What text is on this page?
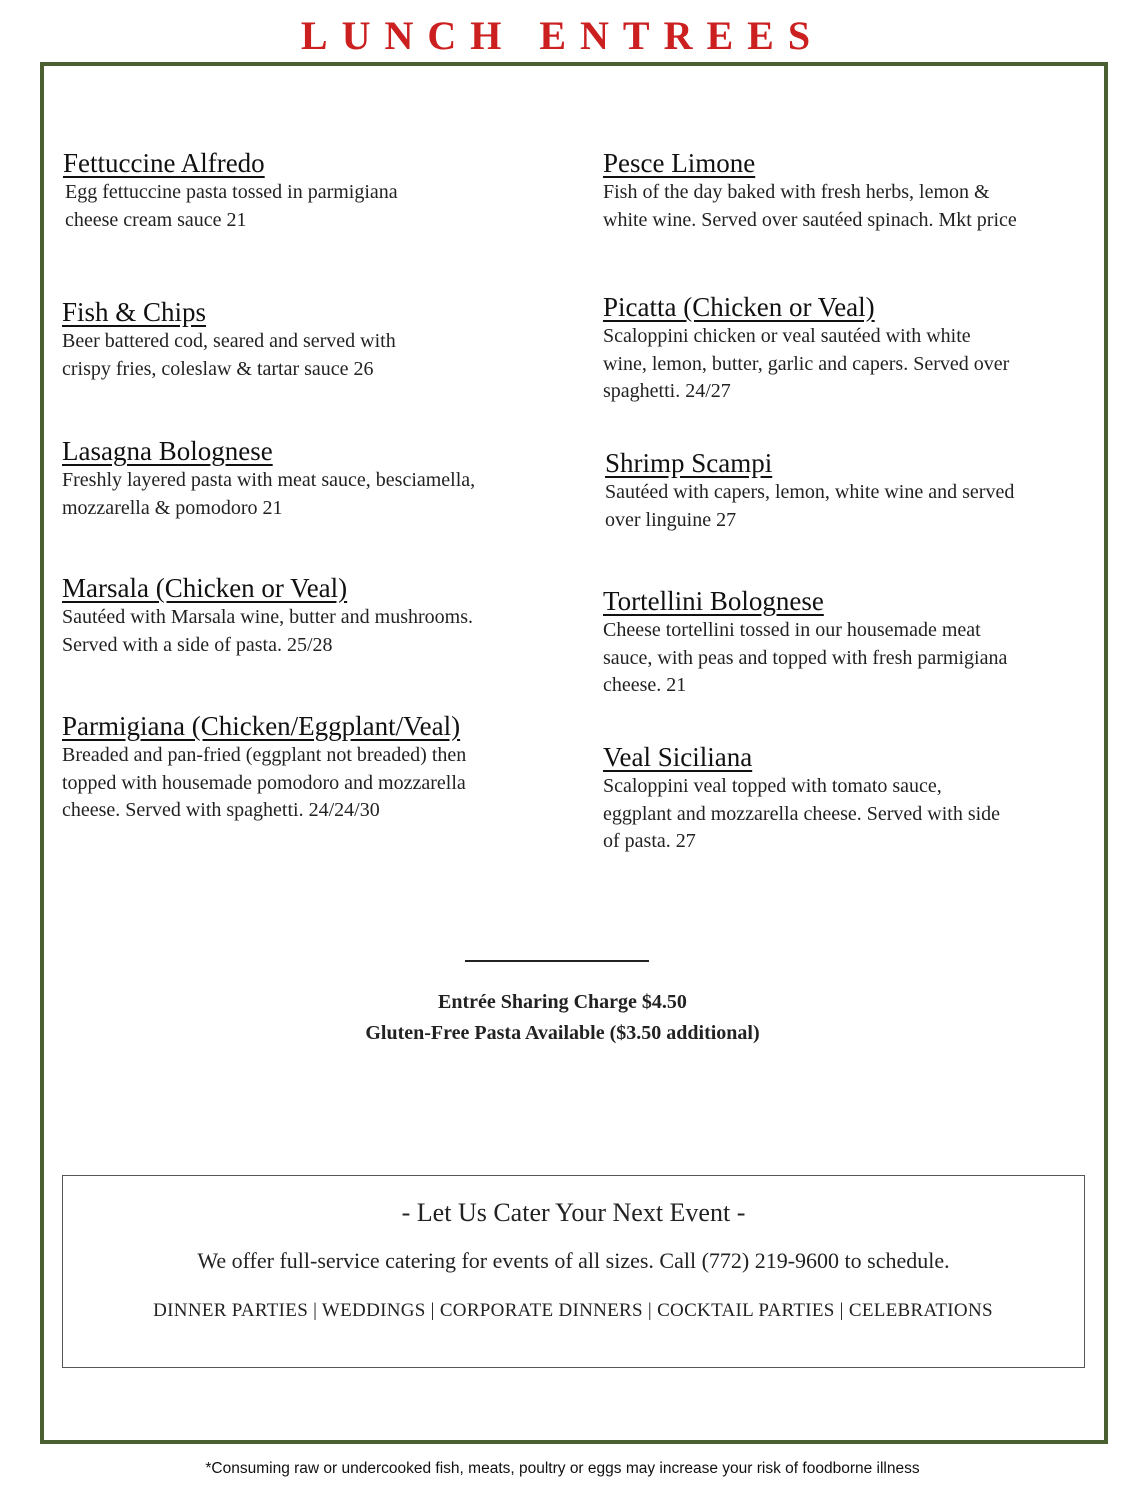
LUNCH ENTREES
Fettuccine Alfredo

Egg fettuccine pasta tossed in parmigiana
cheese cream sauce 21

Fish & Chips

Beer battered cod, seared and served with
crispy fries, coleslaw & tartar sauce 26

Lasagna Bolognese

Freshly layered pasta with meat sauce, besciamella,
mozzarella & pomodoro 21

Marsala (Chicken or Veal)

Sautéed with Marsala wine, butter and mushrooms.
Served with a side of pasta. 25/28

Parmigiana (Chicken/Eggplant/Veal)

Breaded and pan-fried (eggplant not breaded) then
topped with housemade pomodoro and mozzarella
cheese. Served with spaghetti. 24/24/30

Pesce Limone

Fish of the day baked with fresh herbs, lemon &
white wine. Served over sautéed spinach. Mkt price

Picatta (Chicken or Veal)

Scaloppini chicken or veal sautéed with white
wine, lemon, butter, garlic and capers. Served over
spaghetti. 24/27

Shrimp Scampi

Sautéed with capers, lemon, white wine and served
over linguine 27

Tortellini Bolognese

Cheese tortellini tossed in our housemade meat
sauce, with peas and topped with fresh parmigiana
cheese. 21

Veal Siciliana

Scaloppini veal topped with tomato sauce,
eggplant and mozzarella cheese. Served with side
of pasta. 27

Entrée Sharing Charge $4.50
Gluten-Free Pasta Available ($3.50 additional)
- Let Us Cater Your Next Event -
We offer full-service catering for events of all sizes. Call (772) 219-9600 to schedule.
DINNER PARTIES | WEDDINGS | CORPORATE DINNERS | COCKTAIL PARTIES | CELEBRATIONS
*Consuming raw or undercooked fish, meats, poultry or eggs may increase your risk of foodborne illness
